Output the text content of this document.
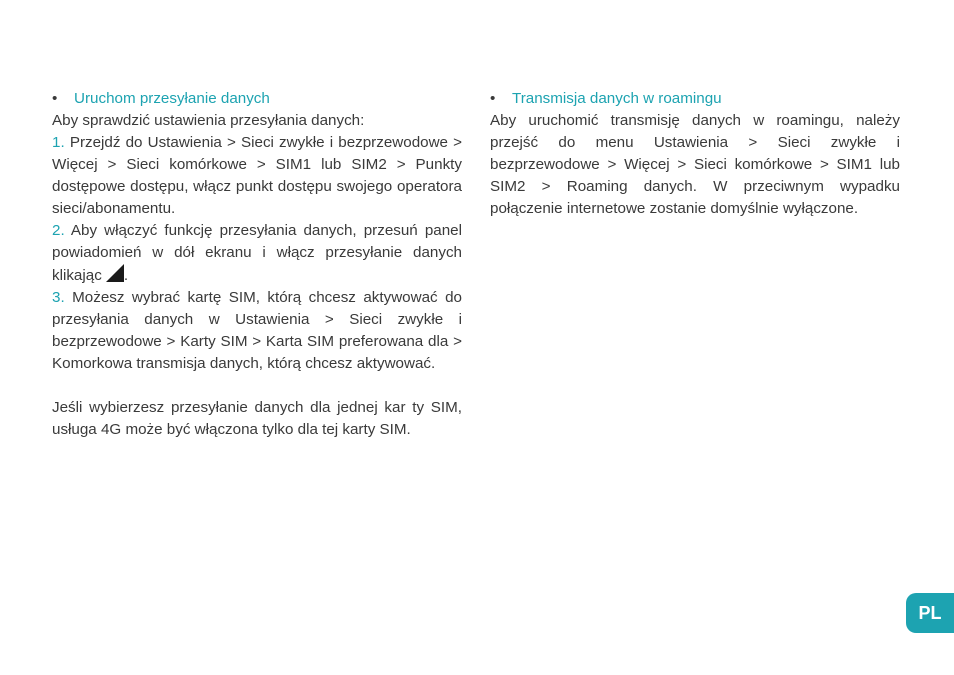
•	Uruchom przesyłanie danych

Aby sprawdzić ustawienia przesyłania danych:

1. Przejdź do Ustawienia > Sieci zwykłe i bezprzewodowe > Więcej > Sieci komórkowe > SIM1 lub SIM2 > Punkty dostępowe dostępu, włącz punkt dostępu swojego operatora sieci/abonamentu.

2. Aby włączyć funkcję przesyłania danych, przesuń panel powiadomień w dół ekranu i włącz przesyłanie danych klikając .

3. Możesz wybrać kartę SIM, którą chcesz aktywować do przesyłania danych w Ustawienia > Sieci zwykłe i bezprzewodowe > Karty SIM > Karta SIM preferowana dla > Komorkowa transmisja danych, którą chcesz aktywować.

Jeśli wybierzesz przesyłanie danych dla jednej kar ty SIM, usługa 4G może być włączona tylko dla tej karty SIM.

•	Transmisja danych w roamingu

Aby uruchomić transmisję danych w roamingu, należy przejść do menu Ustawienia > Sieci zwykłe i bezprzewodowe > Więcej > Sieci komórkowe > SIM1 lub SIM2 > Roaming danych. W przeciwnym wypadku połączenie internetowe zostanie domyślnie wyłączone.

PL
